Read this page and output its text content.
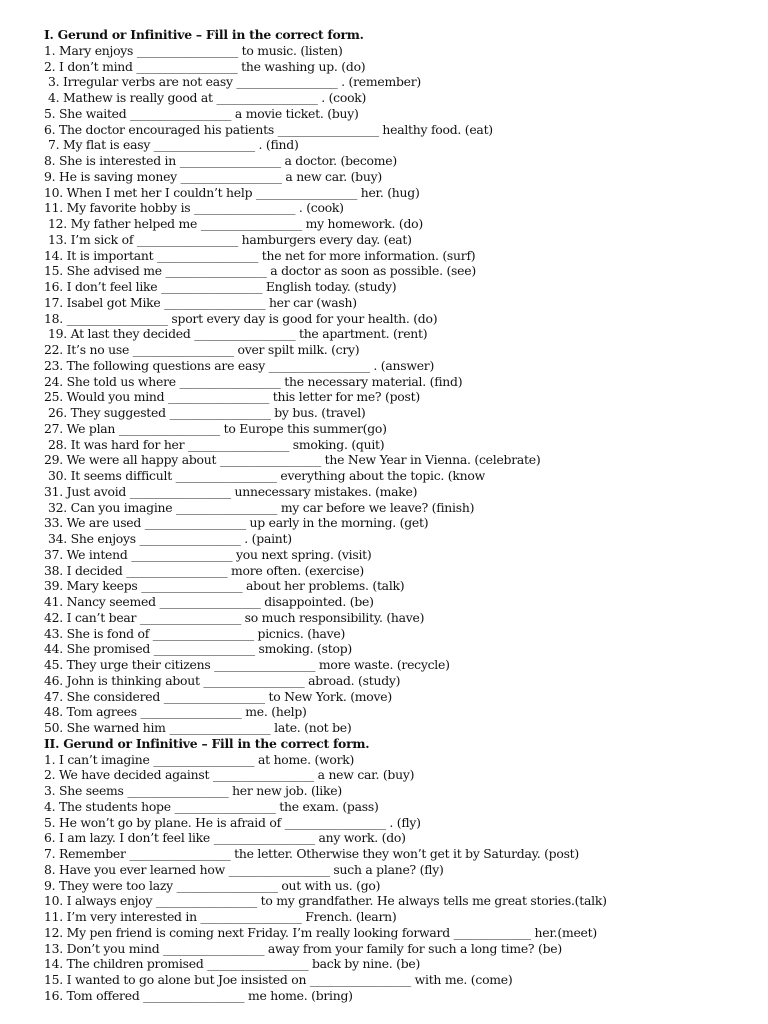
I. Gerund or Infinitive – Fill in the correct form.
1. Mary enjoys _________________ to music. (listen)
2. I don’t mind _________________ the washing up. (do)
3. Irregular verbs are not easy _________________ . (remember)
4. Mathew is really good at _________________ . (cook)
5. She waited _________________ a movie ticket. (buy)
6. The doctor encouraged his patients _________________ healthy food. (eat)
7. My flat is easy _________________ . (find)
8. She is interested in _________________ a doctor. (become)
9. He is saving money _________________ a new car. (buy)
10. When I met her I couldn’t help _________________ her. (hug)
11. My favorite hobby is _________________ . (cook)
12. My father helped me _________________ my homework. (do)
13. I’m sick of _________________ hamburgers every day. (eat)
14. It is important _________________ the net for more information. (surf)
15. She advised me _________________ a doctor as soon as possible. (see)
16. I don’t feel like _________________ English today. (study)
17. Isabel got Mike _________________ her car (wash)
18. _________________ sport every day is good for your health. (do)
19. At last they decided _________________ the apartment. (rent)
22. It’s no use _________________ over spilt milk. (cry)
23. The following questions are easy _________________ . (answer)
24. She told us where _________________ the necessary material. (find)
25. Would you mind _________________ this letter for me? (post)
26. They suggested _________________ by bus. (travel)
27. We plan _________________ to Europe this summer(go)
28. It was hard for her _________________ smoking. (quit)
29. We were all happy about _________________ the New Year in Vienna. (celebrate)
30. It seems difficult _________________ everything about the topic. (know
31. Just avoid _________________ unnecessary mistakes. (make)
32. Can you imagine _________________ my car before we leave? (finish)
33. We are used _________________ up early in the morning. (get)
34. She enjoys _________________ . (paint)
37. We intend _________________ you next spring. (visit)
38. I decided _________________ more often. (exercise)
39. Mary keeps _________________ about her problems. (talk)
41. Nancy seemed _________________ disappointed. (be)
42. I can’t bear _________________ so much responsibility. (have)
43. She is fond of _________________ picnics. (have)
44. She promised _________________ smoking. (stop)
45. They urge their citizens _________________ more waste. (recycle)
46. John is thinking about _________________ abroad. (study)
47. She considered _________________ to New York. (move)
48. Tom agrees _________________ me. (help)
50. She warned him _________________ late. (not be)
II. Gerund or Infinitive – Fill in the correct form.
1. I can’t imagine _________________ at home. (work)
2. We have decided against _________________ a new car. (buy)
3. She seems _________________ her new job. (like)
4. The students hope _________________ the exam. (pass)
5. He won’t go by plane. He is afraid of _________________ . (fly)
6. I am lazy. I don’t feel like _________________ any work. (do)
7. Remember _________________ the letter. Otherwise they won’t get it by Saturday. (post)
8. Have you ever learned how _________________ such a plane? (fly)
9. They were too lazy _________________ out with us. (go)
10. I always enjoy _________________ to my grandfather. He always tells me great stories.(talk)
11. I’m very interested in _________________ French. (learn)
12. My pen friend is coming next Friday. I’m really looking forward _____________ her.(meet)
13. Don’t you mind _________________ away from your family for such a long time? (be)
14. The children promised _________________ back by nine. (be)
15. I wanted to go alone but Joe insisted on _________________ with me. (come)
16. Tom offered _________________ me home. (bring)
